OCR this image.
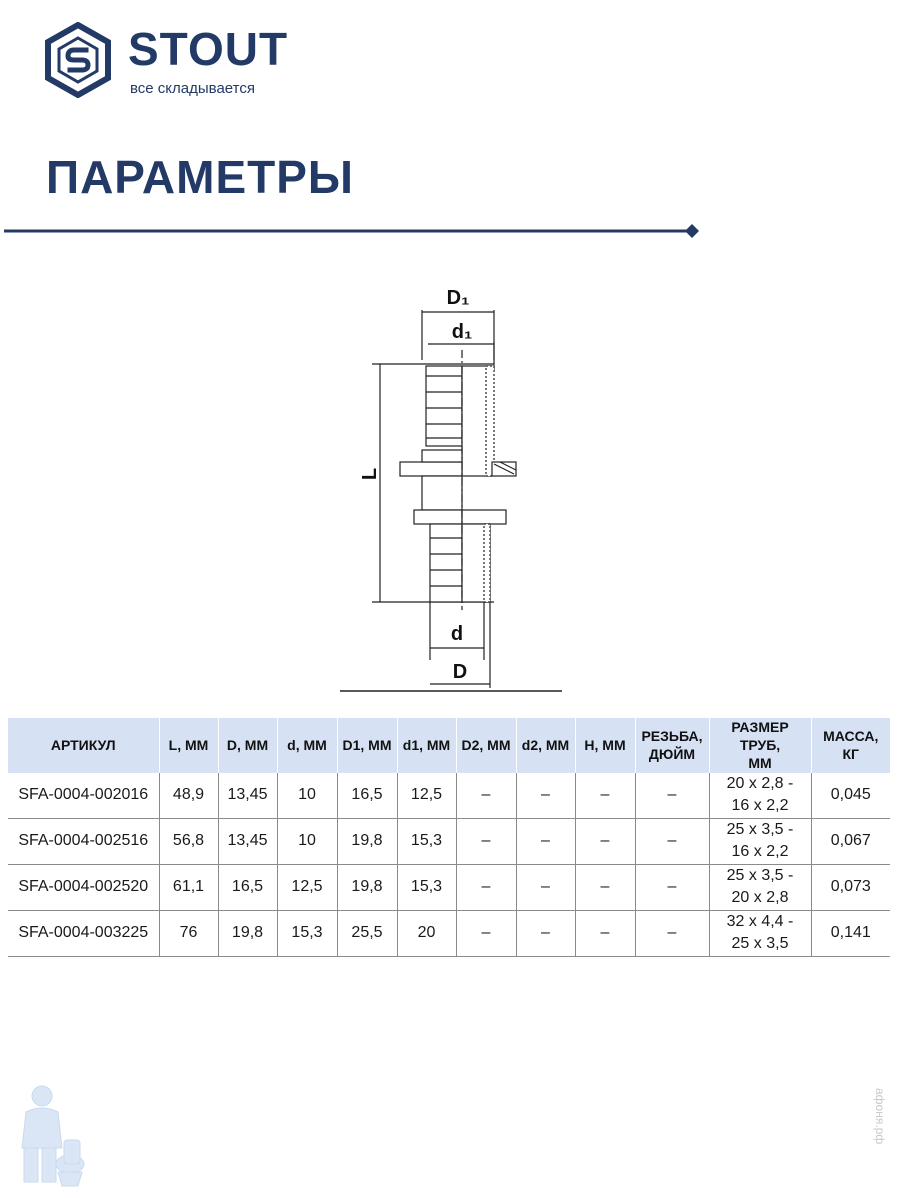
STOUT
все складывается
ПАРАМЕТРЫ
D₁
d₁
L
d
D
АРТИКУЛ	L, ММ	D, ММ	d, ММ	D1, ММ	d1, ММ	D2, ММ	d2, ММ	H, ММ	РЕЗЬБА,
ДЮЙМ	РАЗМЕР ТРУБ,
ММ	МАССА,
КГ
SFA-0004-002016	48,9	13,45	10	16,5	12,5	–	–	–	–	20 х 2,8 -
16 х 2,2	0,045
SFA-0004-002516	56,8	13,45	10	19,8	15,3	–	–	–	–	25 х 3,5 -
16 х 2,2	0,067
SFA-0004-002520	61,1	16,5	12,5	19,8	15,3	–	–	–	–	25 х 3,5 -
20 х 2,8	0,073
SFA-0004-003225	76	19,8	15,3	25,5	20	–	–	–	–	32 х 4,4 -
25 х 3,5	0,141
афоня.рф
